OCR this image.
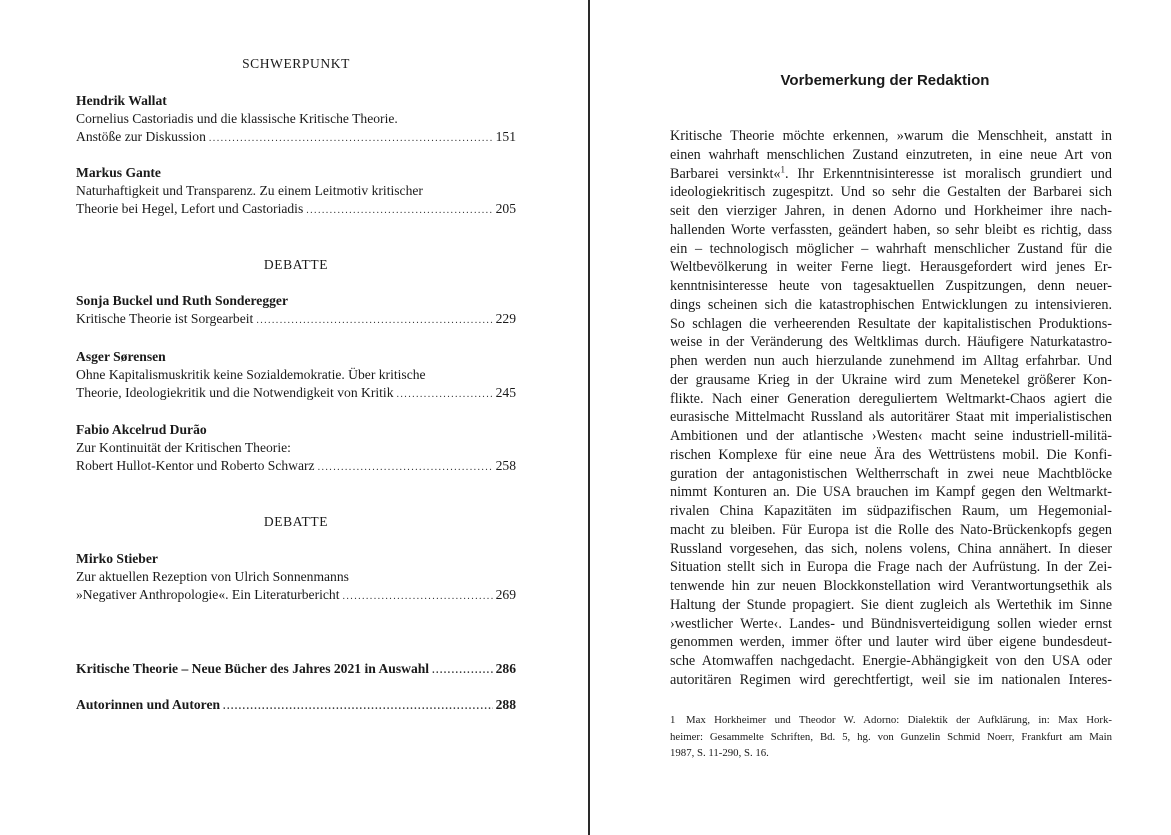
SCHWERPUNKT
Hendrik Wallat
Cornelius Castoriadis und die klassische Kritische Theorie.
Anstöße zur Diskussion .....	151
Markus Gante
Naturhaftigkeit und Transparenz. Zu einem Leitmotiv kritischer
Theorie bei Hegel, Lefort und Castoriadis .....	205
DEBATTE
Sonja Buckel und Ruth Sonderegger
Kritische Theorie ist Sorgearbeit .....	229
Asger Sørensen
Ohne Kapitalismuskritik keine Sozialdemokratie. Über kritische
Theorie, Ideologiekritik und die Notwendigkeit von Kritik .....	245
Fabio Akcelrud Durão
Zur Kontinuität der Kritischen Theorie:
Robert Hullot-Kentor und Roberto Schwarz .....	258
DEBATTE
Mirko Stieber
Zur aktuellen Rezeption von Ulrich Sonnenmanns
»Negativer Anthropologie«. Ein Literaturbericht .....	269
Kritische Theorie – Neue Bücher des Jahres 2021 in Auswahl .....	286
Autorinnen und Autoren .....	288
Vorbemerkung der Redaktion
Kritische Theorie möchte erkennen, »warum die Menschheit, anstatt in
einen wahrhaft menschlichen Zustand einzutreten, in eine neue Art von
Barbarei versinkt«$^1$. Ihr Erkenntnisinteresse ist moralisch grundiert und
ideologiekritisch zugespitzt. Und so sehr die Gestalten der Barbarei sich
seit den vierziger Jahren, in denen Adorno und Horkheimer ihre nach-
hallenden Worte verfassten, geändert haben, so sehr bleibt es richtig, dass
ein – technologisch möglicher – wahrhaft menschlicher Zustand für die
Weltbevölkerung in weiter Ferne liegt. Herausgefordert wird jenes Er-
kenntnisinteresse heute von tagesaktuellen Zuspitzungen, denn neuer-
dings scheinen sich die katastrophischen Entwicklungen zu intensivieren.
So schlagen die verheerenden Resultate der kapitalistischen Produktions-
weise in der Veränderung des Weltklimas durch. Häufigere Naturkatastro-
phen werden nun auch hierzulande zunehmend im Alltag erfahrbar. Und
der grausame Krieg in der Ukraine wird zum Menetekel größerer Kon-
flikte. Nach einer Generation dereguliertem Weltmarkt-Chaos agiert die
eurasische Mittelmacht Russland als autoritärer Staat mit imperialistischen
Ambitionen und der atlantische ›Westen‹ macht seine industriell-militä-
rischen Komplexe für eine neue Ära des Wettrüstens mobil. Die Konfi-
guration der antagonistischen Weltherrschaft in zwei neue Machtblöcke
nimmt Konturen an. Die USA brauchen im Kampf gegen den Weltmarkt-
rivalen China Kapazitäten im südpazifischen Raum, um Hegemonial-
macht zu bleiben. Für Europa ist die Rolle des Nato-Brückenkopfs gegen
Russland vorgesehen, das sich, nolens volens, China annähert. In dieser
Situation stellt sich in Europa die Frage nach der Aufrüstung. In der Zei-
tenwende hin zur neuen Blockkonstellation wird Verantwortungsethik als
Haltung der Stunde propagiert. Sie dient zugleich als Wertethik im Sinne
›westlicher Werte‹. Landes- und Bündnisverteidigung sollen wieder ernst
genommen werden, immer öfter und lauter wird über eigene bundesdeut-
sche Atomwaffen nachgedacht. Energie-Abhängigkeit von den USA oder
autoritären Regimen wird gerechtfertigt, weil sie im nationalen Interes-
1 Max Horkheimer und Theodor W. Adorno: Dialektik der Aufklärung, in: Max Hork-
heimer: Gesammelte Schriften, Bd. 5, hg. von Gunzelin Schmid Noerr, Frankfurt am Main
1987, S. 11-290, S. 16.
